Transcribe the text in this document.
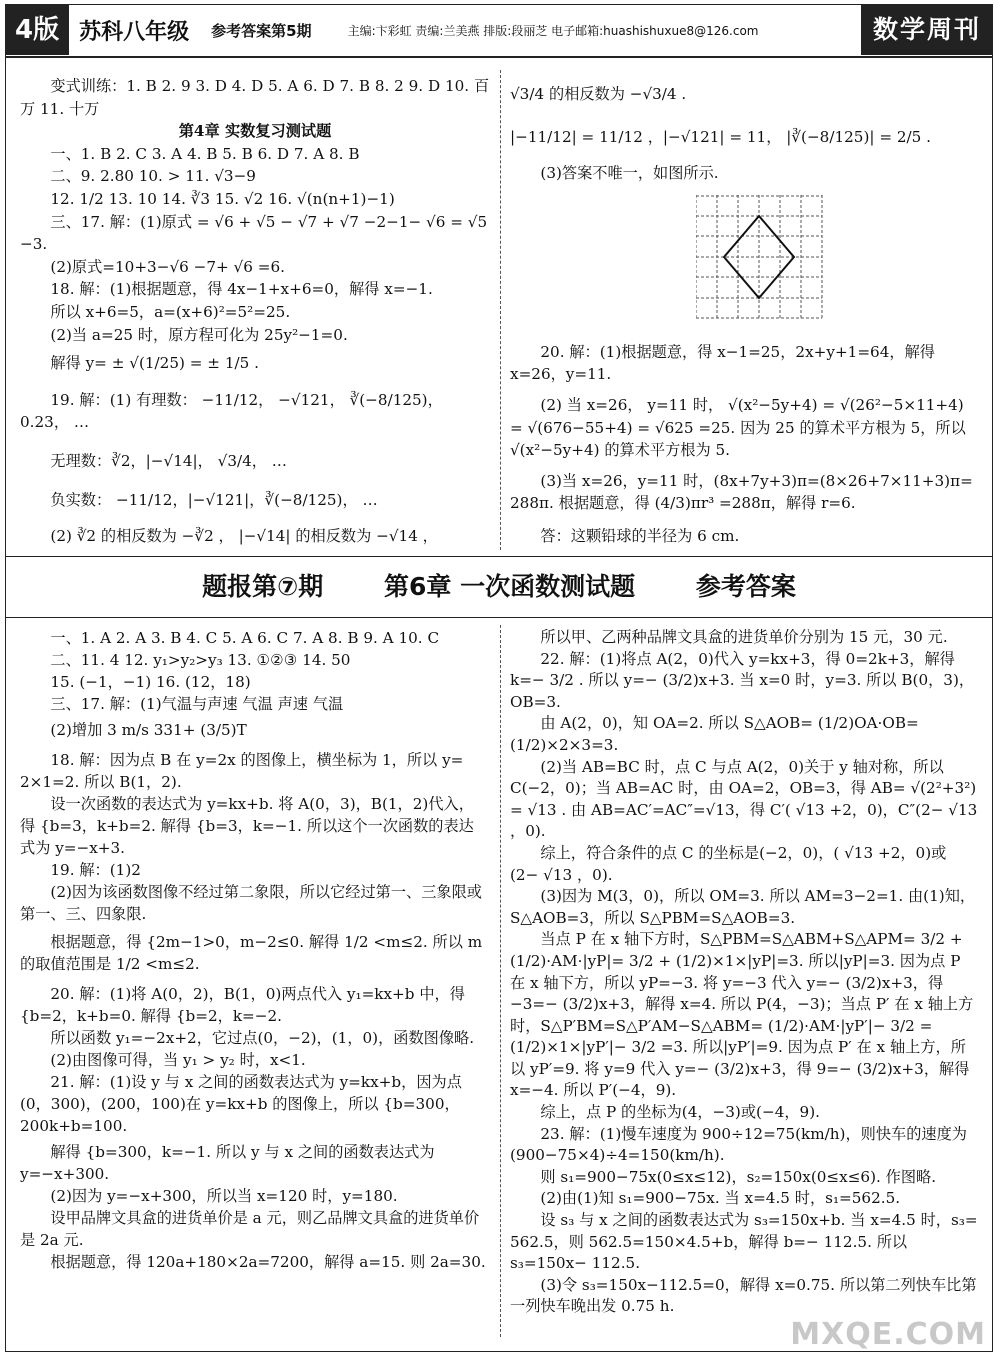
4版 苏科八年级 参考答案第5期	主编:卞彩虹 责编:兰美燕 排版:段丽芝 电子邮箱:huashishuxue8@126.com	数学周刊

变式训练：1. B 2. 9 3. D 4. D 5. A 6. D 7. B 8. 2 9. D 10. 百万 11. 十万

第4章 实数复习测试题

一、1. B 2. C 3. A 4. B 5. B 6. D 7. A 8. B

二、9. 2.80 10. > 11. √3−9

12. 1/2 13. 10 14. ∛3 15. √2 16. √(n(n+1)−1)

三、17. 解：(1)原式 = √6 + √5 − √7 + √7 −2−1− √6 = √5 −3.

(2)原式=10+3−√6 −7+ √6 =6.

18. 解：(1)根据题意，得 4x−1+x+6=0，解得 x=−1.

所以 x+6=5，a=(x+6)²=5²=25.

(2)当 a=25 时，原方程可化为 25y²−1=0.

解得 y= ± √(1/25) = ± 1/5 .

19. 解：(1) 有理数： −11/12， −√121， ∛(−8/125)， 0.23， …

无理数：∛2，|−√14|， √3/4， …

负实数： −11/12，|−√121|，∛(−8/125)， …

(2) ∛2 的相反数为 −∛2 ， |−√14| 的相反数为 −√14 ，

√3/4 的相反数为 −√3/4 .

|−11/12| = 11/12 ，|−√121| = 11， |∛(−8/125)| = 2/5 .

(3)答案不唯一，如图所示.

20. 解：(1)根据题意，得 x−1=25，2x+y+1=64，解得 x=26，y=11.

(2) 当 x=26， y=11 时， √(x²−5y+4) = √(26²−5×11+4) = √(676−55+4) = √625 =25. 因为 25 的算术平方根为 5，所以 √(x²−5y+4) 的算术平方根为 5.

(3)当 x=26，y=11 时，(8x+7y+3)π=(8×26+7×11+3)π= 288π. 根据题意，得 (4/3)πr³ =288π，解得 r=6.

答：这颗铅球的半径为 6 cm.

题报第⑦期 第6章 一次函数测试题 参考答案

一、1. A 2. A 3. B 4. C 5. A 6. C 7. A 8. B 9. A 10. C

二、11. 4 12. y₁>y₂>y₃ 13. ①②③ 14. 50

15. (−1，−1) 16. (12，18)

三、17. 解：(1)气温与声速 气温 声速 气温

(2)增加 3 m/s 331+ (3/5)T

18. 解：因为点 B 在 y=2x 的图像上，横坐标为 1，所以 y= 2×1=2. 所以 B(1，2).

设一次函数的表达式为 y=kx+b. 将 A(0，3)，B(1，2)代入，得 {b=3，k+b=2. 解得 {b=3，k=−1. 所以这个一次函数的表达式为 y=−x+3.

19. 解：(1)2

(2)因为该函数图像不经过第二象限，所以它经过第一、三象限或第一、三、四象限.

根据题意，得 {2m−1>0，m−2≤0. 解得 1/2 <m≤2. 所以 m 的取值范围是 1/2 <m≤2.

20. 解：(1)将 A(0，2)，B(1，0)两点代入 y₁=kx+b 中，得 {b=2，k+b=0. 解得 {b=2，k=−2.

所以函数 y₁=−2x+2，它过点(0，−2)，(1，0)，函数图像略.

(2)由图像可得，当 y₁ > y₂ 时，x<1.

21. 解：(1)设 y 与 x 之间的函数表达式为 y=kx+b，因为点(0，300)，(200，100)在 y=kx+b 的图像上，所以 {b=300，200k+b=100.

解得 {b=300，k=−1. 所以 y 与 x 之间的函数表达式为 y=−x+300.

(2)因为 y=−x+300，所以当 x=120 时，y=180.

设甲品牌文具盒的进货单价是 a 元，则乙品牌文具盒的进货单价是 2a 元.

根据题意，得 120a+180×2a=7200，解得 a=15. 则 2a=30.

所以甲、乙两种品牌文具盒的进货单价分别为 15 元，30 元.

22. 解：(1)将点 A(2，0)代入 y=kx+3，得 0=2k+3，解得 k=− 3/2 . 所以 y=− (3/2)x+3. 当 x=0 时，y=3. 所以 B(0，3)，OB=3.

由 A(2，0)，知 OA=2. 所以 S△AOB= (1/2)OA·OB= (1/2)×2×3=3.

(2)当 AB=BC 时，点 C 与点 A(2，0)关于 y 轴对称，所以 C(−2，0)；当 AB=AC 时，由 OA=2，OB=3，得 AB= √(2²+3²) = √13 . 由 AB=AC′=AC″=√13，得 C′( √13 +2，0)，C″(2− √13 ，0).

综上，符合条件的点 C 的坐标是(−2，0)，( √13 +2，0)或 (2− √13 ，0).

(3)因为 M(3，0)，所以 OM=3. 所以 AM=3−2=1. 由(1)知，S△AOB=3，所以 S△PBM=S△AOB=3.

当点 P 在 x 轴下方时，S△PBM=S△ABM+S△APM= 3/2 + (1/2)·AM·|yP|= 3/2 + (1/2)×1×|yP|=3. 所以|yP|=3. 因为点 P 在 x 轴下方，所以 yP=−3. 将 y=−3 代入 y=− (3/2)x+3，得−3=− (3/2)x+3，解得 x=4. 所以 P(4，−3)；当点 P′ 在 x 轴上方时，S△P′BM=S△P′AM−S△ABM= (1/2)·AM·|yP′|− 3/2 = (1/2)×1×|yP′|− 3/2 =3. 所以|yP′|=9. 因为点 P′ 在 x 轴上方，所以 yP′=9. 将 y=9 代入 y=− (3/2)x+3，得 9=− (3/2)x+3，解得 x=−4. 所以 P′(−4，9).

综上，点 P 的坐标为(4，−3)或(−4，9).

23. 解：(1)慢车速度为 900÷12=75(km/h)，则快车的速度为(900−75×4)÷4=150(km/h).

则 s₁=900−75x(0≤x≤12)，s₂=150x(0≤x≤6). 作图略.

(2)由(1)知 s₁=900−75x. 当 x=4.5 时，s₁=562.5.

设 s₃ 与 x 之间的函数表达式为 s₃=150x+b. 当 x=4.5 时，s₃= 562.5，则 562.5=150×4.5+b，解得 b=− 112.5. 所以 s₃=150x− 112.5.

(3)令 s₃=150x−112.5=0，解得 x=0.75. 所以第二列快车比第一列快车晚出发 0.75 h.

MXQE.COM
